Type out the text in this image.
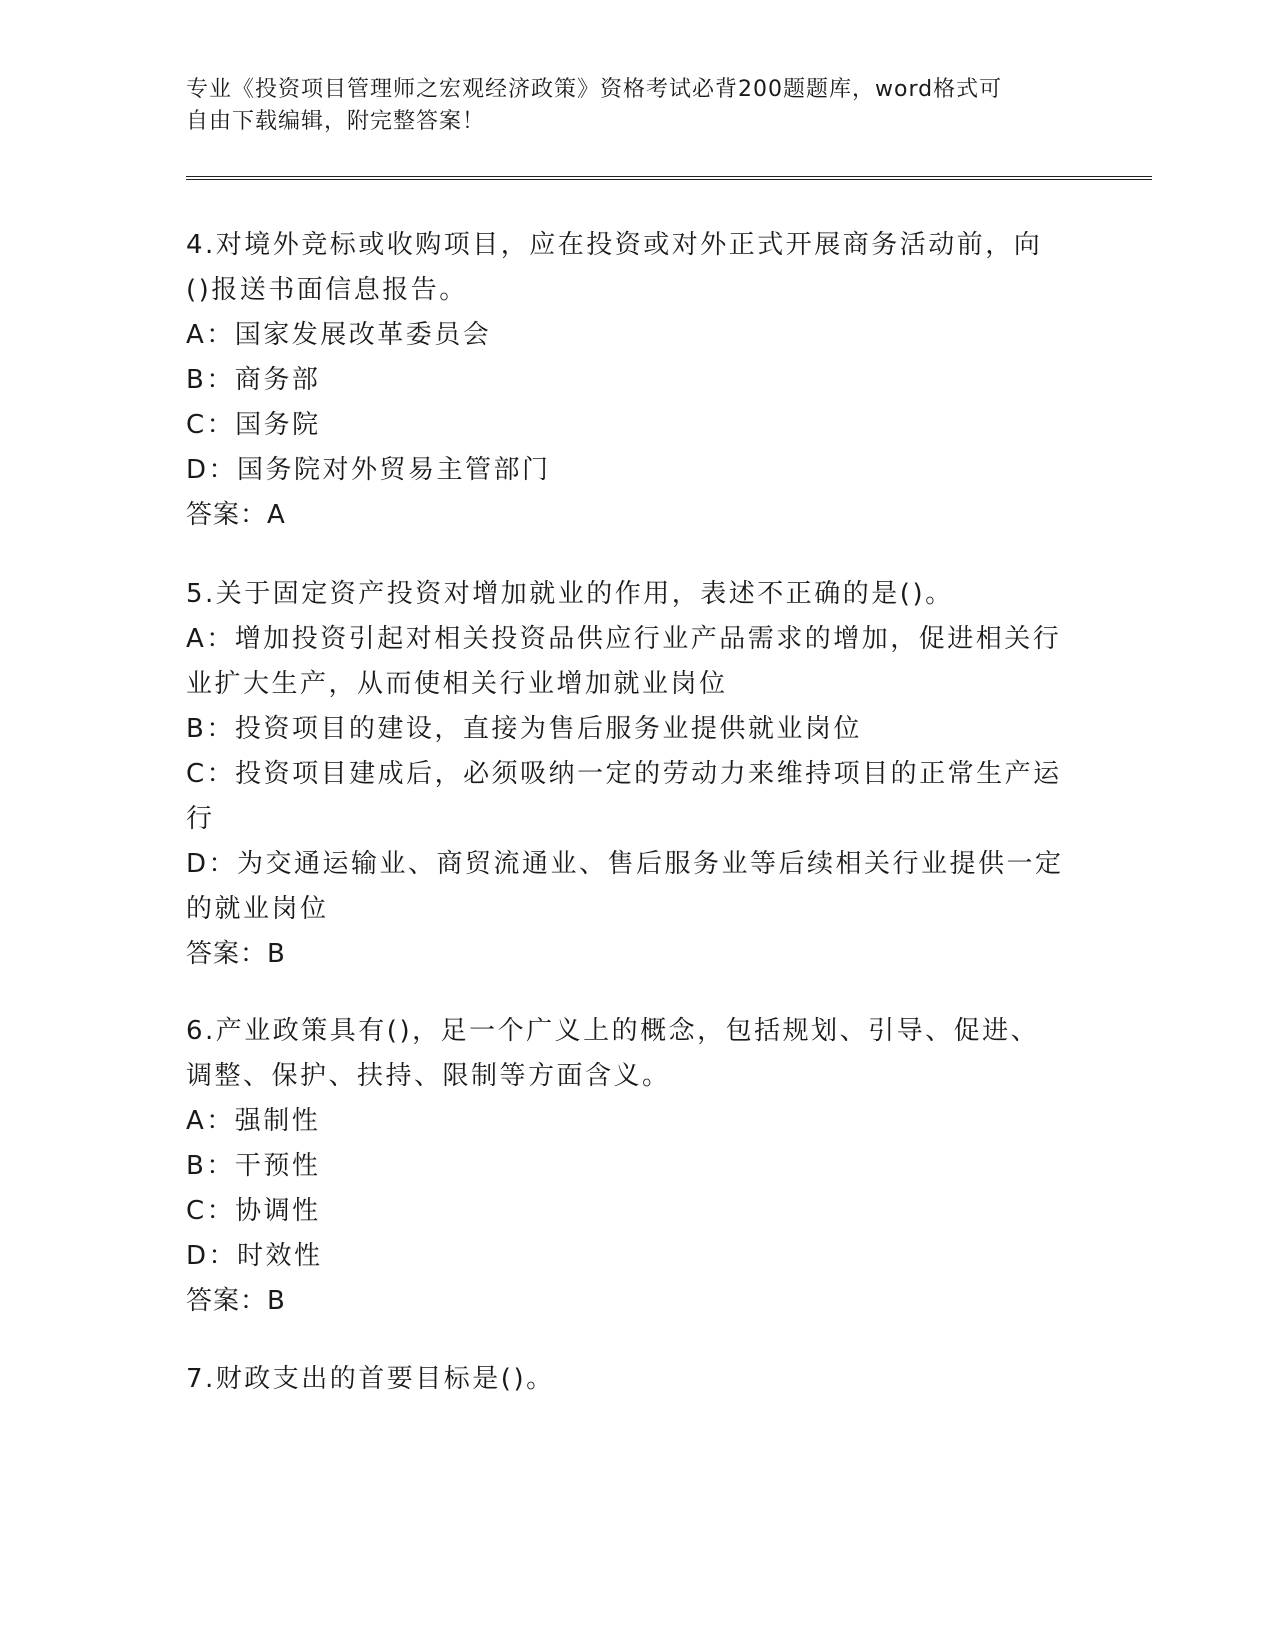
专业《投资项目管理师之宏观经济政策》资格考试必背200题题库，word格式可
自由下载编辑，附完整答案！
4.对境外竞标或收购项目，应在投资或对外正式开展商务活动前，向
()报送书面信息报告。
A：国家发展改革委员会
B：商务部
C：国务院
D：国务院对外贸易主管部门
答案：A
5.关于固定资产投资对增加就业的作用，表述不正确的是()。
A：增加投资引起对相关投资品供应行业产品需求的增加，促进相关行
业扩大生产，从而使相关行业增加就业岗位
B：投资项目的建设，直接为售后服务业提供就业岗位
C：投资项目建成后，必须吸纳一定的劳动力来维持项目的正常生产运
行
D：为交通运输业、商贸流通业、售后服务业等后续相关行业提供一定
的就业岗位
答案：B
6.产业政策具有()，足一个广义上的概念，包括规划、引导、促进、
调整、保护、扶持、限制等方面含义。
A：强制性
B：干预性
C：协调性
D：时效性
答案：B
7.财政支出的首要目标是()。
